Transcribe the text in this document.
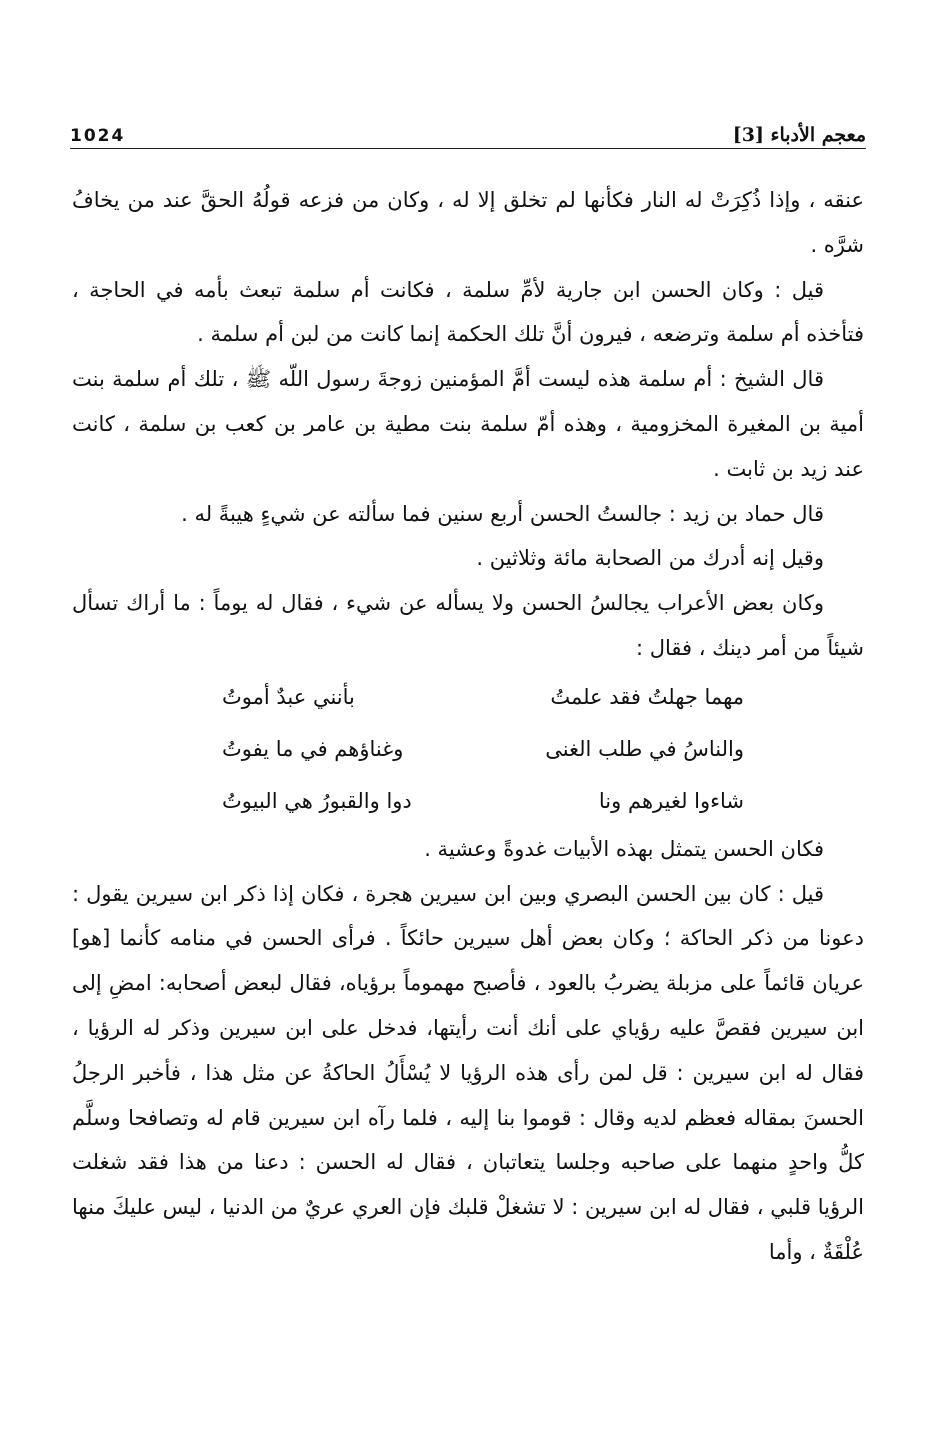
معجم الأدباء [3]
1024

عنقه ، وإذا ذُكِرَتْ له النار فكأنها لم تخلق إلا له ، وكان من فزعه قولُهُ الحقَّ عند من يخافُ شرَّه .

قيل : وكان الحسن ابن جارية لأمِّ سلمة ، فكانت أم سلمة تبعث بأمه في الحاجة ، فتأخذه أم سلمة وترضعه ، فيرون أنَّ تلك الحكمة إنما كانت من لبن أم سلمة .

قال الشيخ : أم سلمة هذه ليست أمَّ المؤمنين زوجةَ رسول اللّه ﷺ ، تلك أم سلمة بنت أمية بن المغيرة المخزومية ، وهذه أمّ سلمة بنت مطية بن عامر بن كعب بن سلمة ، كانت عند زيد بن ثابت .

قال حماد بن زيد : جالستُ الحسن أربع سنين فما سألته عن شيءٍ هيبةً له .

وقيل إنه أدرك من الصحابة مائة وثلاثين .

وكان بعض الأعراب يجالسُ الحسن ولا يسأله عن شيء ، فقال له يوماً : ما أراك تسأل شيئاً من أمر دينك ، فقال :

مهما جهلتُ فقد علمتُ
بأنني عبدٌ أموتُ
والناسُ في طلب الغنى
وغناؤهم في ما يفوتُ
شاءوا لغيرهم ونا
دوا والقبورُ هي البيوتُ

فكان الحسن يتمثل بهذه الأبيات غدوةً وعشية .

قيل : كان بين الحسن البصري وبين ابن سيرين هجرة ، فكان إذا ذكر ابن سيرين يقول : دعونا من ذكر الحاكة ؛ وكان بعض أهل سيرين حائكاً . فرأى الحسن في منامه كأنما [هو] عريان قائماً على مزبلة يضربُ بالعود ، فأصبح مهموماً برؤياه، فقال لبعض أصحابه: امضِ إلى ابن سيرين فقصَّ عليه رؤياي على أنك أنت رأيتها، فدخل على ابن سيرين وذكر له الرؤيا ، فقال له ابن سيرين : قل لمن رأى هذه الرؤيا لا يُسْأَلُ الحاكةُ عن مثل هذا ، فأخبر الرجلُ الحسنَ بمقاله فعظم لديه وقال : قوموا بنا إليه ، فلما رآه ابن سيرين قام له وتصافحا وسلَّم كلُّ واحدٍ منهما على صاحبه وجلسا يتعاتبان ، فقال له الحسن : دعنا من هذا فقد شغلت الرؤيا قلبي ، فقال له ابن سيرين : لا تشغلْ قلبك فإن العري عريٌ من الدنيا ، ليس عليكَ منها عُلْقَةٌ ، وأما
